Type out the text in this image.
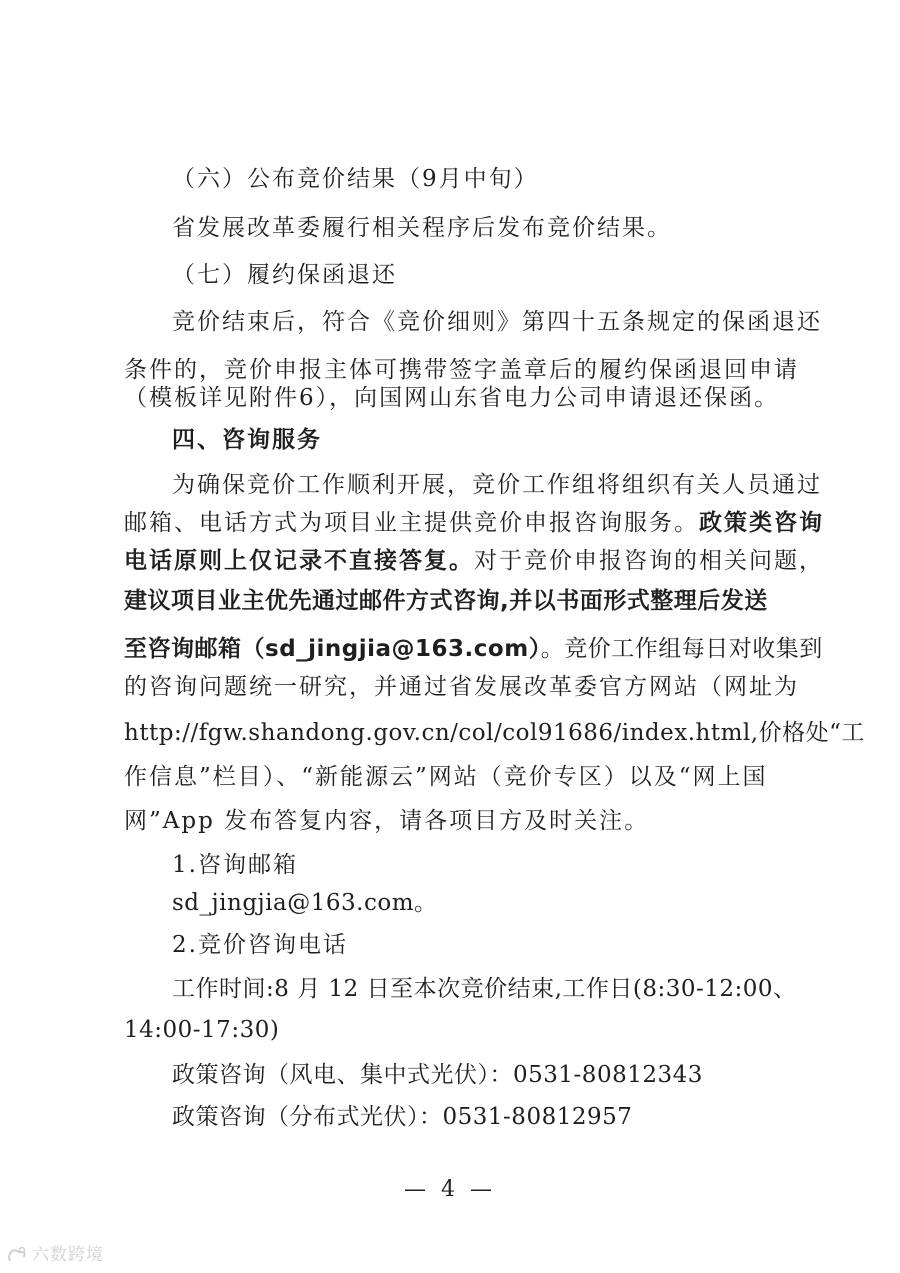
（六）公布竞价结果（9月中旬）
省发展改革委履行相关程序后发布竞价结果。
（七）履约保函退还
竞价结束后，符合《竞价细则》第四十五条规定的保函退还
条件的，竞价申报主体可携带签字盖章后的履约保函退回申请
（模板详见附件6），向国网山东省电力公司申请退还保函。
四、咨询服务
为确保竞价工作顺利开展，竞价工作组将组织有关人员通过
邮箱、电话方式为项目业主提供竞价申报咨询服务。政策类咨询
电话原则上仅记录不直接答复。对于竞价申报咨询的相关问题，
建议项目业主优先通过邮件方式咨询,并以书面形式整理后发送
至咨询邮箱（sd_jingjia@163.com）。竞价工作组每日对收集到
的咨询问题统一研究，并通过省发展改革委官方网站（网址为
http://fgw.shandong.gov.cn/col/col91686/index.html,价格处“工
作信息”栏目）、“新能源云”网站（竞价专区）以及“网上国
网”App 发布答复内容，请各项目方及时关注。
1.咨询邮箱
sd_jingjia@163.com。
2.竞价咨询电话
工作时间:8 月 12 日至本次竞价结束,工作日(8:30-12:00、
14:00-17:30)
政策咨询（风电、集中式光伏）：0531-80812343
政策咨询（分布式光伏）：0531-80812957
— 4 —
六数跨境
